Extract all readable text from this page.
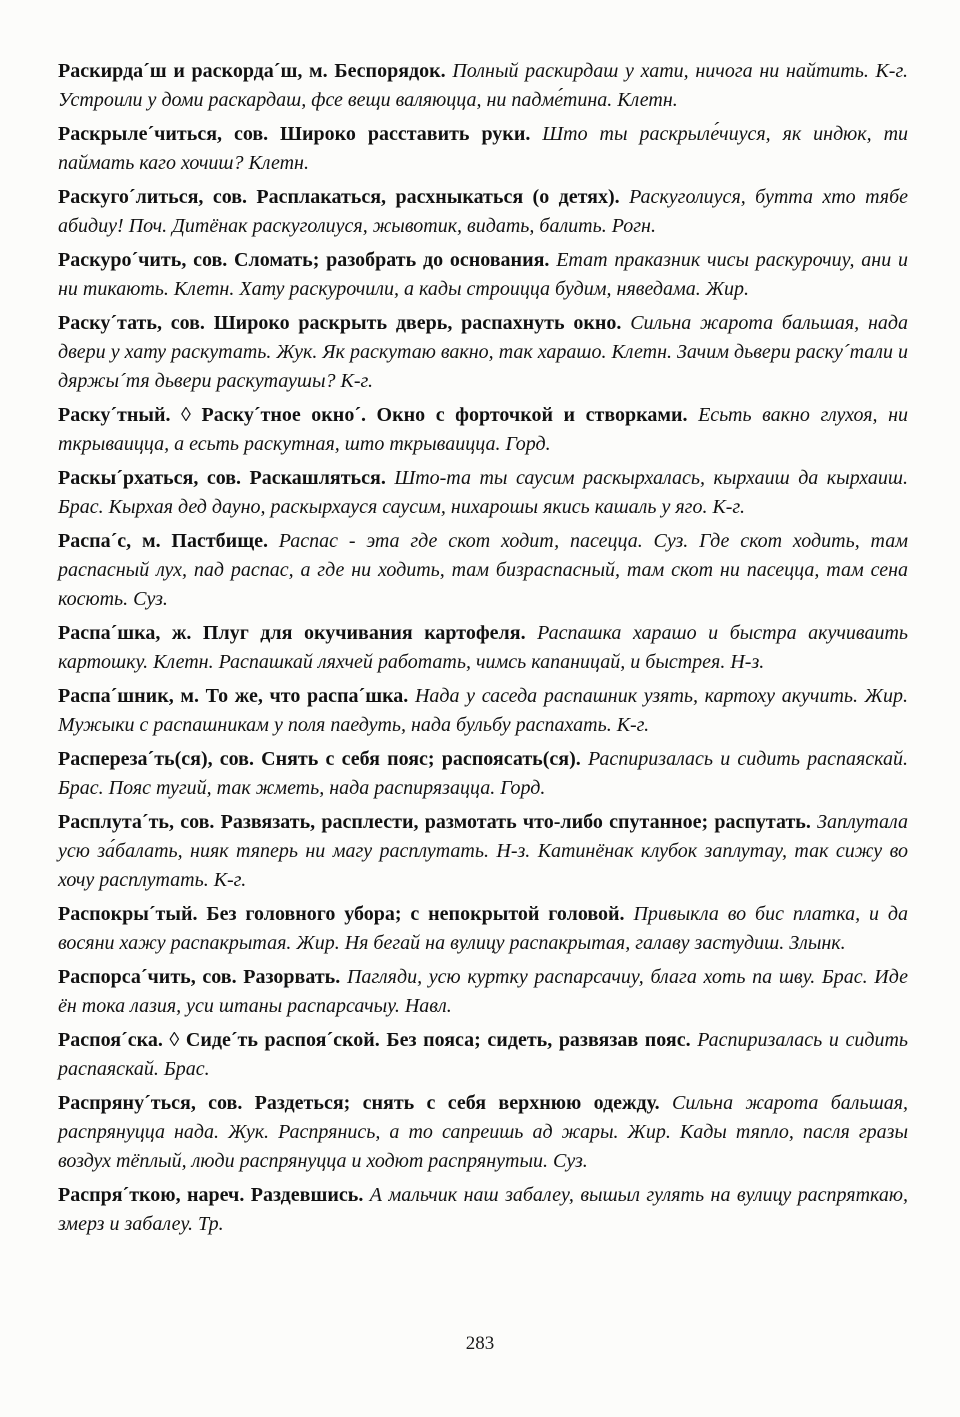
Раскирда´ш и раскорда´ш, м. Беспорядок. Полный раскирдаш у хати, ничога ни найтить. К-г. Устроили у доми раскардаш, фсе вещи валяюцца, ни падме́тина. Клетн.

Раскрыле´читься, сов. Широко расставить руки. Што ты раскрыле́чиуся, як индюк, ти паймать каго хочиш? Клетн.

Раскуго´литься, сов. Расплакаться, расхныкаться (о детях). Раскуголиуся, бутта хто тябе абидиу! Поч. Дитёнак раскуголиуся, жывотик, видать, балить. Рогн.

Раскуро´чить, сов. Сломать; разобрать до основания. Етат праказник чисы раскурочиу, ани и ни тикають. Клетн. Хату раскурочили, а кады строицца будим, няведама. Жир.

Раску´тать, сов. Широко раскрыть дверь, распахнуть окно. Сильна жарота бальшая, нада двери у хату раскутать. Жук. Як раскутаю вакно, так харашо. Клетн. Зачим дьвери раску´тали и дяржы´тя дьвери раскутаушы? К-г.

Раску´тный. ◊ Раску´тное окно´. Окно с форточкой и створками. Есьть вакно глухоя, ни ткрываицца, а есьть раскутная, што ткрываицца. Горд.

Раскы´рхаться, сов. Раскашляться. Што-та ты саусим раскырхалась, кырхаиш да кырхаиш. Брас. Кырхая дед дауно, раскырхауся саусим, нихарошы якись кашаль у яго. К-г.

Распа´с, м. Пастбище. Распас - эта где скот ходит, пасецца. Суз. Где скот ходить, там распасный лух, пад распас, а где ни ходить, там бизраспасный, там скот ни пасецца, там сена косють. Суз.

Распа´шка, ж. Плуг для окучивания картофеля. Распашка харашо и быстра акучиваить картошку. Клетн. Распашкай ляхчей работать, чимсь капаницай, и быстрея. Н-з.

Распа´шник, м. То же, что распа´шка. Нада у саседа распашник узять, картоху акучить. Жир. Мужыки с распашникам у поля паедуть, нада бульбу распахать. К-г.

Распереза´ть(ся), сов. Снять с себя пояс; распоясать(ся). Распиризалась и сидить распаяскай. Брас. Пояс тугий, так жметь, нада распирязацца. Горд.

Расплута´ть, сов. Развязать, расплести, размотать что-либо спутанное; распутать. Заплутала усю за́балать, нияк тяперь ни магу расплутать. Н-з. Катинёнак клубок заплутау, так сижу во хочу расплутать. К-г.

Распокры´тый. Без головного убора; с непокрытой головой. Привыкла во бис платка, и да восяни хажу распакрытая. Жир. Ня бегай на вулицу распакрытая, галаву застудиш. Злынк.

Распорса´чить, сов. Разорвать. Пагляди, усю куртку распарсачиу, блага хоть па шву. Брас. Иде ён тока лазия, уси штаны распарсачыу. Навл.

Распоя´ска. ◊ Сиде´ть распоя´ской. Без пояса; сидеть, развязав пояс. Распиризалась и сидить распаяскай. Брас.

Распряну´ться, сов. Раздеться; снять с себя верхнюю одежду. Сильна жарота бальшая, распрянуцца нада. Жук. Распрянись, а то сапреишь ад жары. Жир. Кады тяпло, пасля гразы воздух тёплый, люди распрянуцца и ходют распрянутыи. Суз.

Распря´ткою, нареч. Раздевшись. А мальчик наш забалеу, вышыл гулять на вулицу распряткаю, змерз и забалеу. Тр.

283
